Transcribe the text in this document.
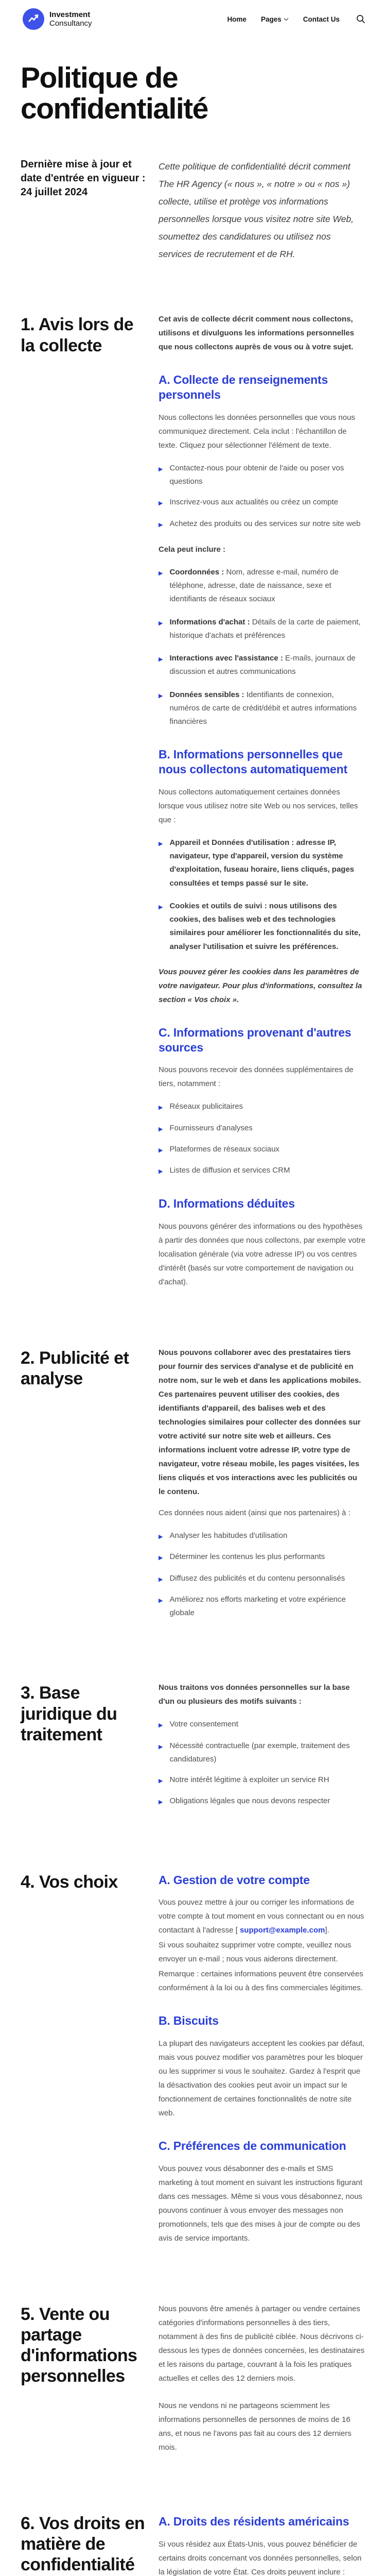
Investment
Consultancy	Home Pages	Contact Us
Politique de confidentialité
Dernière mise à jour et date d'entrée en vigueur :
24 juillet 2024

Cette politique de confidentialité décrit comment The HR Agency (« nous », « notre » ou « nos ») collecte, utilise et protège vos informations personnelles lorsque vous visitez notre site Web, soumettez des candidatures ou utilisez nos services de recrutement et de RH.

1. Avis lors de la collecte

Cet avis de collecte décrit comment nous collectons, utilisons et divulguons les informations personnelles que nous collectons auprès de vous ou à votre sujet.

A. Collecte de renseignements personnels

Nous collectons les données personnelles que vous nous communiquez directement. Cela inclut : l'échantillon de texte. Cliquez pour sélectionner l'élément de texte.

▶
Contactez-nous pour obtenir de l'aide ou poser vos questions
▶
Inscrivez-vous aux actualités ou créez un compte
▶
Achetez des produits ou des services sur notre site web

Cela peut inclure :

▶
Coordonnées : Nom, adresse e-mail, numéro de téléphone, adresse, date de naissance, sexe et identifiants de réseaux sociaux
▶
Informations d'achat : Détails de la carte de paiement, historique d'achats et préférences
▶
Interactions avec l'assistance : E-mails, journaux de discussion et autres communications
▶
Données sensibles : Identifiants de connexion, numéros de carte de crédit/débit et autres informations financières
B. Informations personnelles que nous collectons automatiquement

Nous collectons automatiquement certaines données lorsque vous utilisez notre site Web ou nos services, telles que :

▶
Appareil et Données d'utilisation : adresse IP, navigateur, type d'appareil, version du système d'exploitation, fuseau horaire, liens cliqués, pages consultées et temps passé sur le site.
▶
Cookies et outils de suivi : nous utilisons des cookies, des balises web et des technologies similaires pour améliorer les fonctionnalités du site, analyser l'utilisation et suivre les préférences.

Vous pouvez gérer les cookies dans les paramètres de votre navigateur. Pour plus d'informations, consultez la section « Vos choix ».

C. Informations provenant d'autres sources

Nous pouvons recevoir des données supplémentaires de tiers, notamment :

▶
Réseaux publicitaires
▶
Fournisseurs d'analyses
▶
Plateformes de réseaux sociaux
▶
Listes de diffusion et services CRM
D. Informations déduites

Nous pouvons générer des informations ou des hypothèses à partir des données que nous collectons, par exemple votre localisation générale (via votre adresse IP) ou vos centres d'intérêt (basés sur votre comportement de navigation ou d'achat).

2. Publicité et analyse

Nous pouvons collaborer avec des prestataires tiers pour fournir des services d'analyse et de publicité en notre nom, sur le web et dans les applications mobiles. Ces partenaires peuvent utiliser des cookies, des identifiants d'appareil, des balises web et des technologies similaires pour collecter des données sur votre activité sur notre site web et ailleurs. Ces informations incluent votre adresse IP, votre type de navigateur, votre réseau mobile, les pages visitées, les liens cliqués et vos interactions avec les publicités ou le contenu.

Ces données nous aident (ainsi que nos partenaires) à :

▶
Analyser les habitudes d'utilisation
▶
Déterminer les contenus les plus performants
▶
Diffusez des publicités et du contenu personnalisés
▶
Améliorez nos efforts marketing et votre expérience globale
3. Base juridique du traitement

Nous traitons vos données personnelles sur la base d'un ou plusieurs des motifs suivants :

▶
Votre consentement
▶
Nécessité contractuelle (par exemple, traitement des candidatures)
▶
Notre intérêt légitime à exploiter un service RH
▶
Obligations légales que nous devons respecter
4. Vos choix	A. Gestion de votre compte

Vous pouvez mettre à jour ou corriger les informations de votre compte à tout moment en vous connectant ou en nous contactant à l'adresse [ support@example.com].

Si vous souhaitez supprimer votre compte, veuillez nous envoyer un e-mail ; nous vous aiderons directement.

Remarque : certaines informations peuvent être conservées conformément à la loi ou à des fins commerciales légitimes.

B. Biscuits

La plupart des navigateurs acceptent les cookies par défaut, mais vous pouvez modifier vos paramètres pour les bloquer ou les supprimer si vous le souhaitez. Gardez à l'esprit que la désactivation des cookies peut avoir un impact sur le fonctionnement de certaines fonctionnalités de notre site web.

C. Préférences de communication

Vous pouvez vous désabonner des e-mails et SMS marketing à tout moment en suivant les instructions figurant dans ces messages. Même si vous vous désabonnez, nous pouvons continuer à vous envoyer des messages non promotionnels, tels que des mises à jour de compte ou des avis de service importants.

5. Vente ou partage d'informations personnelles

Nous pouvons être amenés à partager ou vendre certaines catégories d'informations personnelles à des tiers, notamment à des fins de publicité ciblée. Nous décrivons ci-dessous les types de données concernées, les destinataires et les raisons du partage, couvrant à la fois les pratiques actuelles et celles des 12 derniers mois.

Nous ne vendons ni ne partageons sciemment les informations personnelles de personnes de moins de 16 ans, et nous ne l'avons pas fait au cours des 12 derniers mois.

6. Vos droits en matière de confidentialité
A. Droits des résidents américains

Si vous résidez aux États-Unis, vous pouvez bénéficier de certains droits concernant vos données personnelles, selon la législation de votre État. Ces droits peuvent inclure :
